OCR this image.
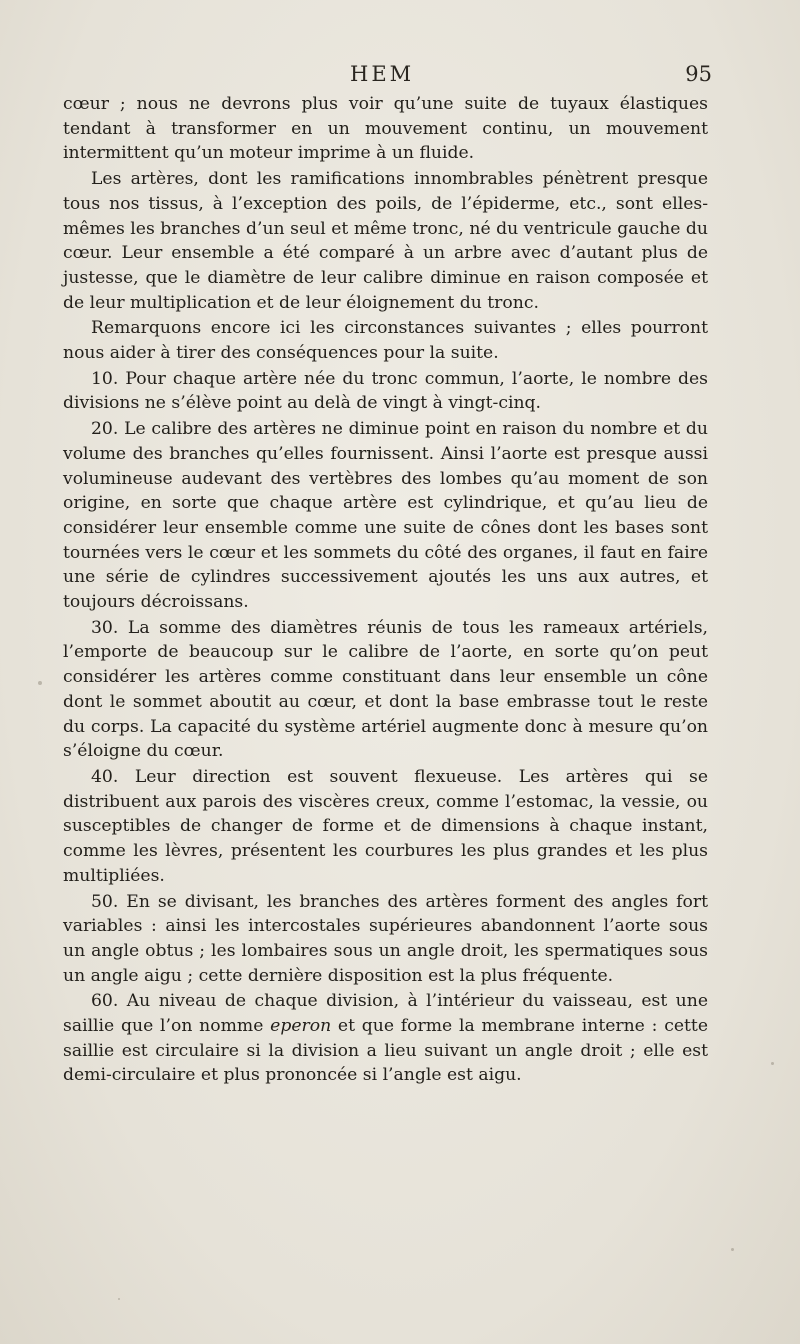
HEM	95

cœur ; nous ne devrons plus voir qu’une suite de tuyaux élastiques tendant à transformer en un mouvement continu, un mouvement intermittent qu’un moteur imprime à un fluide.

Les artères, dont les ramifications innombrables pénètrent presque tous nos tissus, à l’exception des poils, de l’épiderme, etc., sont elles-mêmes les branches d’un seul et même tronc, né du ventricule gauche du cœur. Leur ensemble a été comparé à un arbre avec d’autant plus de justesse, que le diamètre de leur calibre diminue en raison composée et de leur multiplication et de leur éloignement du tronc.

Remarquons encore ici les circonstances suivantes ; elles pourront nous aider à tirer des conséquences pour la suite.

10. Pour chaque artère née du tronc commun, l’aorte, le nombre des divisions ne s’élève point au delà de vingt à vingt-cinq.

20. Le calibre des artères ne diminue point en raison du nombre et du volume des branches qu’elles fournissent. Ainsi l’aorte est presque aussi volumineuse audevant des vertèbres des lombes qu’au moment de son origine, en sorte que chaque artère est cylindrique, et qu’au lieu de considérer leur ensemble comme une suite de cônes dont les bases sont tournées vers le cœur et les sommets du côté des organes, il faut en faire une série de cylindres successivement ajoutés les uns aux autres, et toujours décroissans.

30. La somme des diamètres réunis de tous les rameaux artériels, l’emporte de beaucoup sur le calibre de l’aorte, en sorte qu’on peut considérer les artères comme constituant dans leur ensemble un cône dont le sommet aboutit au cœur, et dont la base embrasse tout le reste du corps. La capacité du système artériel augmente donc à mesure qu’on s’éloigne du cœur.

40. Leur direction est souvent flexueuse. Les artères qui se distribuent aux parois des viscères creux, comme l’estomac, la vessie, ou susceptibles de changer de forme et de dimensions à chaque instant, comme les lèvres, présentent les courbures les plus grandes et les plus multipliées.

50. En se divisant, les branches des artères forment des angles fort variables : ainsi les intercostales supérieures abandonnent l’aorte sous un angle obtus ; les lombaires sous un angle droit, les spermatiques sous un angle aigu ; cette dernière disposition est la plus fréquente.

60. Au niveau de chaque division, à l’intérieur du vaisseau, est une saillie que l’on nomme eperon et que forme la membrane interne : cette saillie est circulaire si la division a lieu suivant un angle droit ; elle est demi-circulaire et plus prononcée si l’angle est aigu.
